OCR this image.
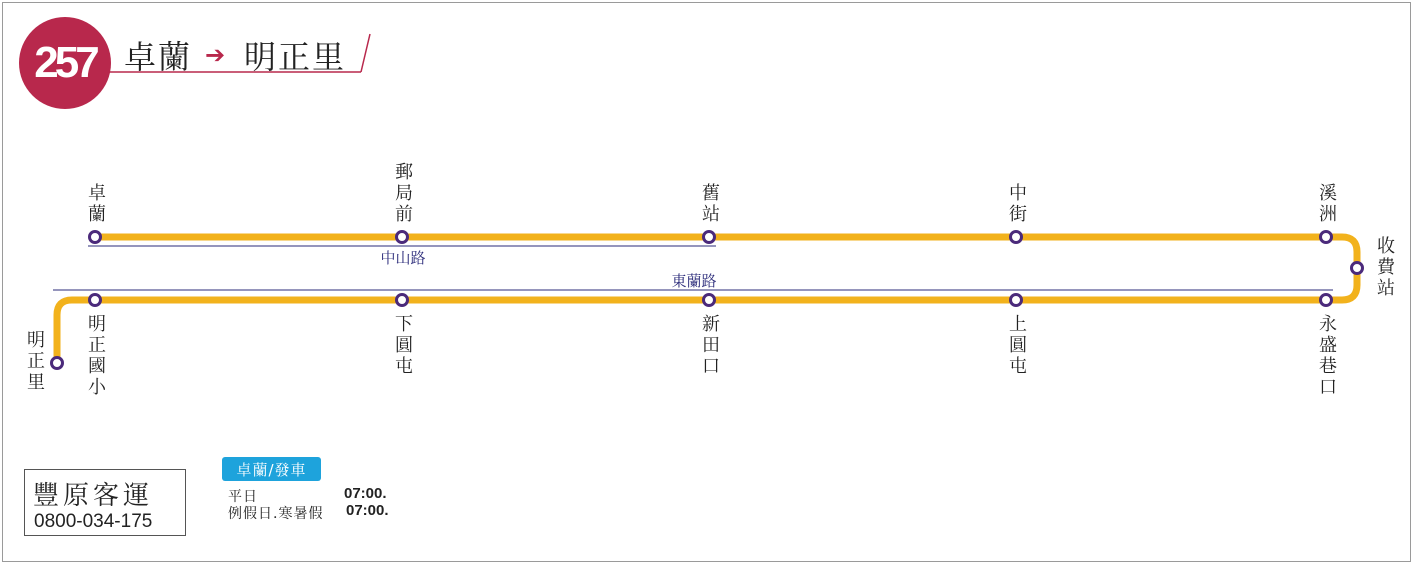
257 卓蘭 ➔ 明正里
中山路
東蘭路
卓蘭	郵局前	舊站	中街	溪洲
收費站
永盛巷口
上圓屯
新田口
下圓屯
明正國小
明正里
豐原客運
0800-034-175
卓蘭/發車
平日	07:00.
例假日.寒暑假 07:00.
